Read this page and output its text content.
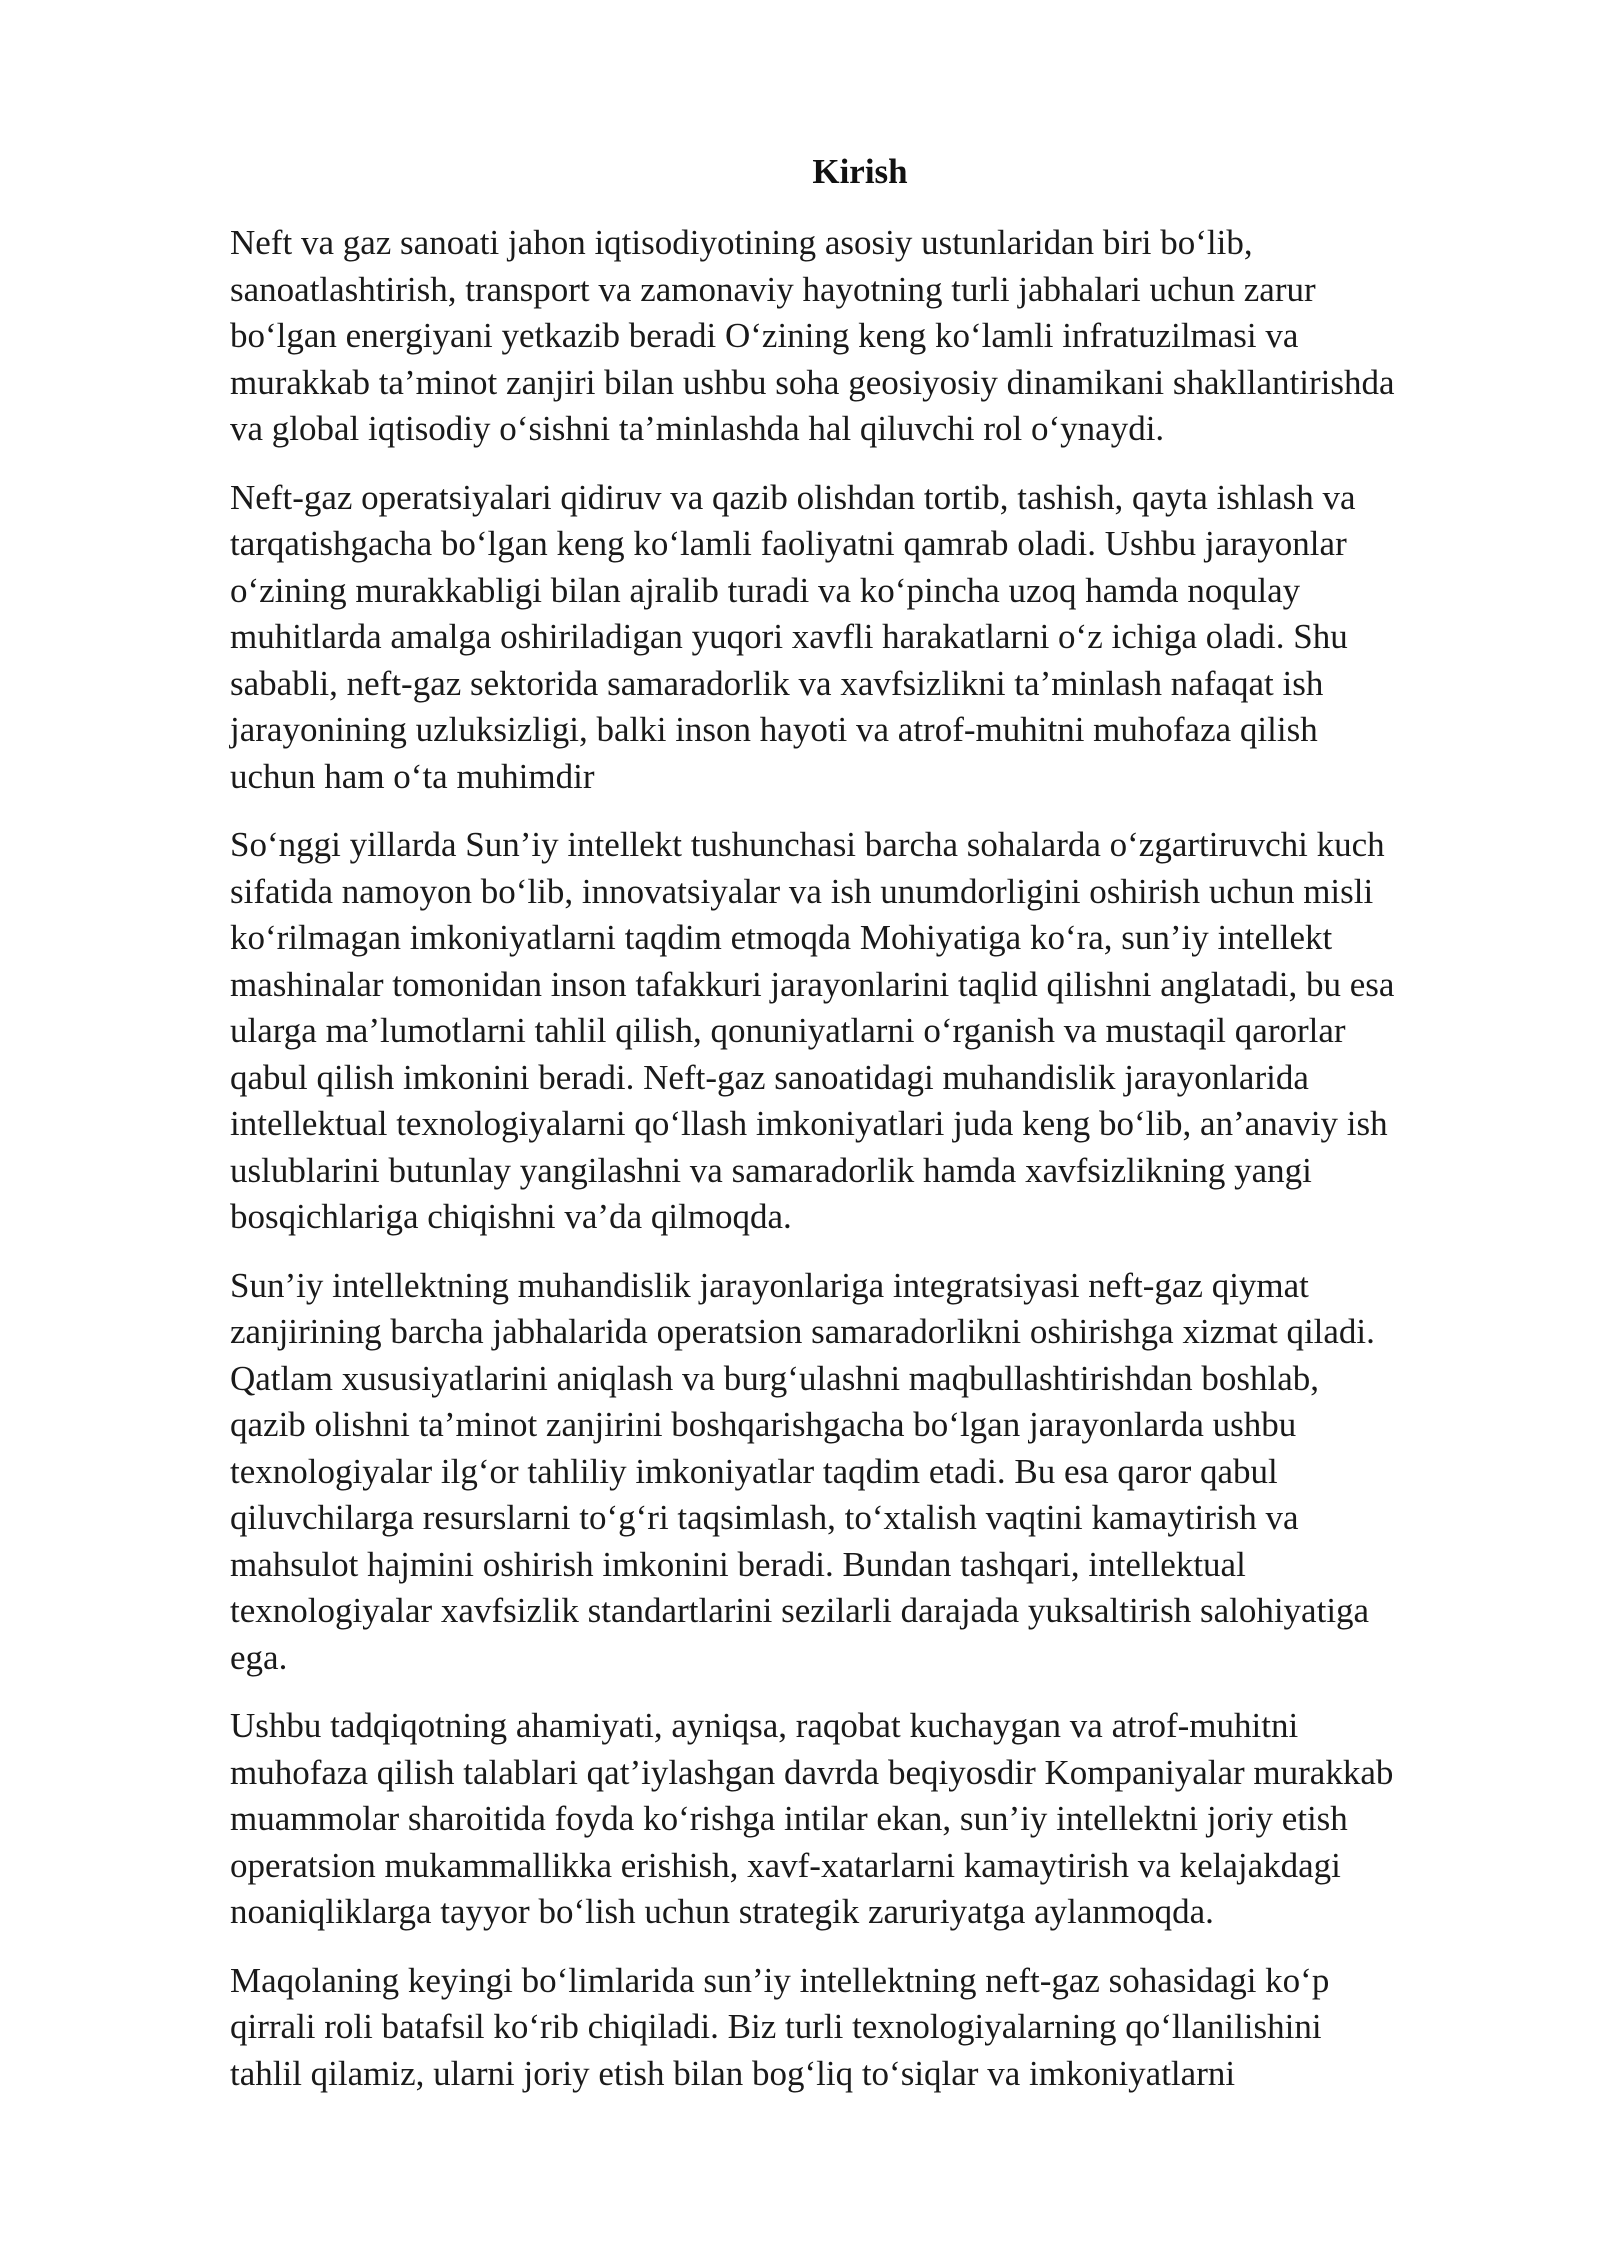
Kirish

Neft va gaz sanoati jahon iqtisodiyotining asosiy ustunlaridan biri bo‘lib,
sanoatlashtirish, transport va zamonaviy hayotning turli jabhalari uchun zarur
bo‘lgan energiyani yetkazib beradi O‘zining keng ko‘lamli infratuzilmasi va
murakkab ta’minot zanjiri bilan ushbu soha geosiyosiy dinamikani shakllantirishda
va global iqtisodiy o‘sishni ta’minlashda hal qiluvchi rol o‘ynaydi.

Neft-gaz operatsiyalari qidiruv va qazib olishdan tortib, tashish, qayta ishlash va
tarqatishgacha bo‘lgan keng ko‘lamli faoliyatni qamrab oladi. Ushbu jarayonlar
o‘zining murakkabligi bilan ajralib turadi va ko‘pincha uzoq hamda noqulay
muhitlarda amalga oshiriladigan yuqori xavfli harakatlarni o‘z ichiga oladi. Shu
sababli, neft-gaz sektorida samaradorlik va xavfsizlikni ta’minlash nafaqat ish
jarayonining uzluksizligi, balki inson hayoti va atrof-muhitni muhofaza qilish
uchun ham o‘ta muhimdir

So‘nggi yillarda Sun’iy intellekt tushunchasi barcha sohalarda o‘zgartiruvchi kuch
sifatida namoyon bo‘lib, innovatsiyalar va ish unumdorligini oshirish uchun misli
ko‘rilmagan imkoniyatlarni taqdim etmoqda Mohiyatiga ko‘ra, sun’iy intellekt
mashinalar tomonidan inson tafakkuri jarayonlarini taqlid qilishni anglatadi, bu esa
ularga ma’lumotlarni tahlil qilish, qonuniyatlarni o‘rganish va mustaqil qarorlar
qabul qilish imkonini beradi. Neft-gaz sanoatidagi muhandislik jarayonlarida
intellektual texnologiyalarni qo‘llash imkoniyatlari juda keng bo‘lib, an’anaviy ish
uslublarini butunlay yangilashni va samaradorlik hamda xavfsizlikning yangi
bosqichlariga chiqishni va’da qilmoqda.

Sun’iy intellektning muhandislik jarayonlariga integratsiyasi neft-gaz qiymat
zanjirining barcha jabhalarida operatsion samaradorlikni oshirishga xizmat qiladi.
Qatlam xususiyatlarini aniqlash va burg‘ulashni maqbullashtirishdan boshlab,
qazib olishni ta’minot zanjirini boshqarishgacha bo‘lgan jarayonlarda ushbu
texnologiyalar ilg‘or tahliliy imkoniyatlar taqdim etadi. Bu esa qaror qabul
qiluvchilarga resurslarni to‘g‘ri taqsimlash, to‘xtalish vaqtini kamaytirish va
mahsulot hajmini oshirish imkonini beradi. Bundan tashqari, intellektual
texnologiyalar xavfsizlik standartlarini sezilarli darajada yuksaltirish salohiyatiga
ega.

Ushbu tadqiqotning ahamiyati, ayniqsa, raqobat kuchaygan va atrof-muhitni
muhofaza qilish talablari qat’iylashgan davrda beqiyosdir Kompaniyalar murakkab
muammolar sharoitida foyda ko‘rishga intilar ekan, sun’iy intellektni joriy etish
operatsion mukammallikka erishish, xavf-xatarlarni kamaytirish va kelajakdagi
noaniqliklarga tayyor bo‘lish uchun strategik zaruriyatga aylanmoqda.

Maqolaning keyingi bo‘limlarida sun’iy intellektning neft-gaz sohasidagi ko‘p
qirrali roli batafsil ko‘rib chiqiladi. Biz turli texnologiyalarning qo‘llanilishini
tahlil qilamiz, ularni joriy etish bilan bog‘liq to‘siqlar va imkoniyatlarni
